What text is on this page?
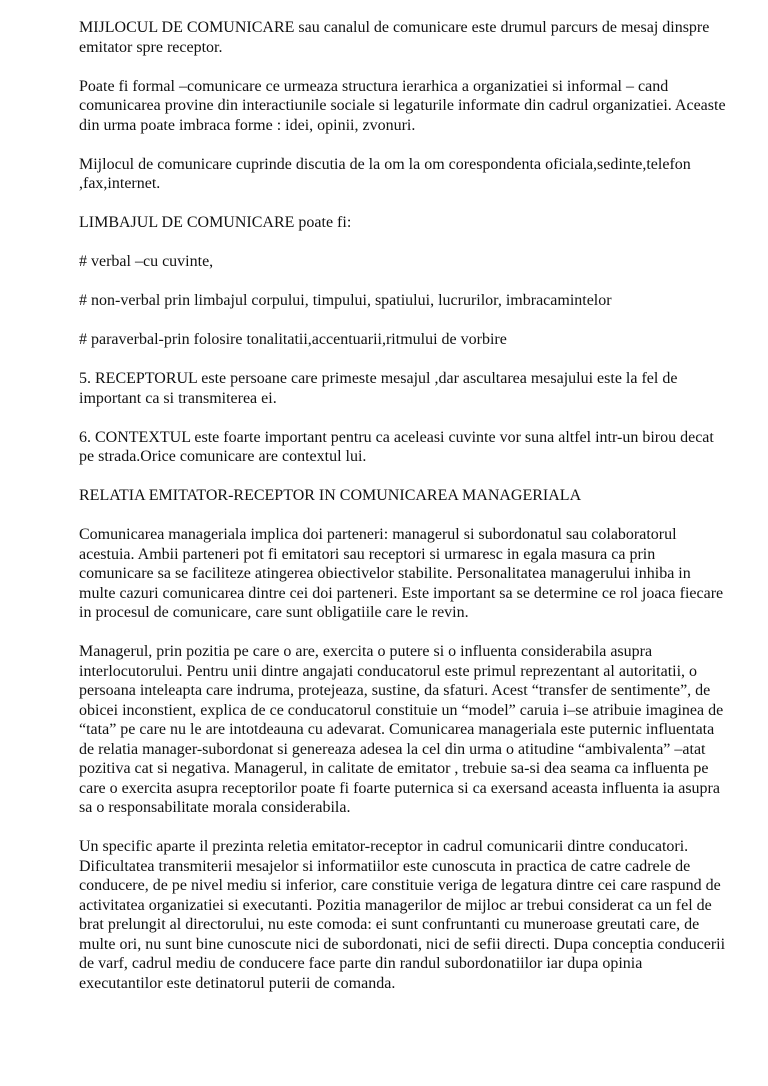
MIJLOCUL DE COMUNICARE sau canalul de comunicare este drumul parcurs de mesaj dinspre emitator spre receptor.

Poate fi formal –comunicare ce urmeaza structura ierarhica a organizatiei si informal – cand comunicarea provine din interactiunile sociale si legaturile informate din cadrul organizatiei. Aceaste din urma poate imbraca forme : idei, opinii, zvonuri.

Mijlocul de comunicare cuprinde discutia de la om la om corespondenta oficiala,sedinte,telefon ,fax,internet.

LIMBAJUL DE COMUNICARE poate fi:

# verbal –cu cuvinte,

# non-verbal prin limbajul corpului, timpului, spatiului, lucrurilor, imbracamintelor

# paraverbal-prin folosire tonalitatii,accentuarii,ritmului de vorbire

5. RECEPTORUL este persoane care primeste mesajul ,dar ascultarea mesajului este la fel de important ca si transmiterea ei.

6. CONTEXTUL este foarte important pentru ca aceleasi cuvinte vor suna altfel intr-un birou decat pe strada.Orice comunicare are contextul lui.

RELATIA EMITATOR-RECEPTOR IN COMUNICAREA MANAGERIALA

Comunicarea manageriala implica doi parteneri: managerul si subordonatul sau colaboratorul acestuia. Ambii parteneri pot fi emitatori sau receptori si urmaresc in egala masura ca prin comunicare sa se faciliteze atingerea obiectivelor stabilite. Personalitatea managerului inhiba in multe cazuri comunicarea dintre cei doi parteneri. Este important sa se determine ce rol joaca fiecare in procesul de comunicare, care sunt obligatiile care le revin.

Managerul, prin pozitia pe care o are, exercita o putere si o influenta considerabila asupra interlocutorului. Pentru unii dintre angajati conducatorul este primul reprezentant al autoritatii, o persoana inteleapta care indruma, protejeaza, sustine, da sfaturi. Acest “transfer de sentimente”, de obicei inconstient, explica de ce conducatorul constituie un “model” caruia i–se atribuie imaginea de “tata” pe care nu le are intotdeauna cu adevarat. Comunicarea manageriala este puternic influentata de relatia manager-subordonat si genereaza adesea la cel din urma o atitudine “ambivalenta” –atat pozitiva cat si negativa. Managerul, in calitate de emitator , trebuie sa-si dea seama ca influenta pe care o exercita asupra receptorilor poate fi foarte puternica si ca exersand aceasta influenta ia asupra sa o responsabilitate morala considerabila.

Un specific aparte il prezinta reletia emitator-receptor in cadrul comunicarii dintre conducatori. Dificultatea transmiterii mesajelor si informatiilor este cunoscuta in practica de catre cadrele de conducere, de pe nivel mediu si inferior, care constituie veriga de legatura dintre cei care raspund de activitatea organizatiei si executanti. Pozitia managerilor de mijloc ar trebui considerat ca un fel de brat prelungit al directorului, nu este comoda: ei sunt confruntanti cu muneroase greutati care, de multe ori, nu sunt bine cunoscute nici de subordonati, nici de sefii directi. Dupa conceptia conducerii de varf, cadrul mediu de conducere face parte din randul subordonatiilor iar dupa opinia executantilor este detinatorul puterii de comanda.
